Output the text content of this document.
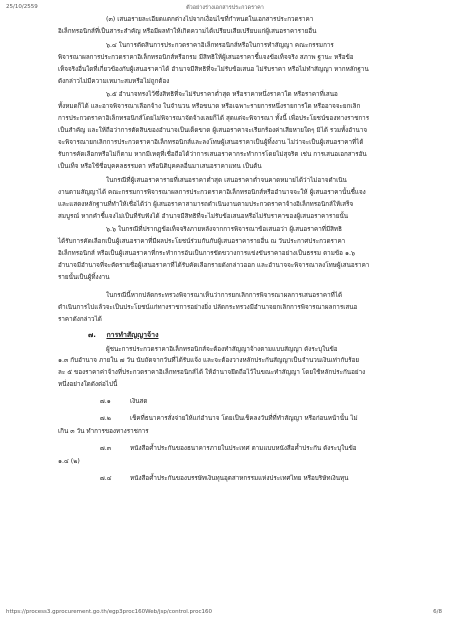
25/10/2559	ตัวอย่างร่างเอกสารประกวดราคา
(๓) เสนอรายละเอียดแตกต่างไปจากเงื่อนไขที่กำหนดในเอกสารประกวดราคา
อิเล็กทรอนิกส์ที่เป็นสาระสำคัญ หรือมีผลทำให้เกิดความได้เปรียบเสียเปรียบแก่ผู้เสนอราคารายอื่น
๖.๔ ในการตัดสินการประกวดราคาอิเล็กทรอนิกส์หรือในการทำสัญญา คณะกรรมการ
พิจารณาผลการประกวดราคาอิเล็กทรอนิกส์หรือกรม มีสิทธิให้ผู้เสนอราคาชี้แจงข้อเท็จจริง สภาพ ฐานะ หรือข้อ
เท็จจริงอื่นใดที่เกี่ยวข้องกับผู้เสนอราคาได้ อำนาจมีสิทธิที่จะไม่รับข้อเสนอ ไม่รับราคา หรือไม่ทำสัญญา หากหลักฐาน
ดังกล่าวไม่มีความเหมาะสมหรือไม่ถูกต้อง
๖.๕ อำนาจทรงไว้ซึ่งสิทธิที่จะไม่รับราคาต่ำสุด หรือราคาหนึ่งราคาใด หรือราคาที่เสนอ
ทั้งหมดก็ได้ และอาจพิจารณาเลือกจ้าง ในจำนวน หรือขนาด หรือเฉพาะรายการหนึ่งรายการใด หรืออาจจะยกเลิก
การประกวดราคาอิเล็กทรอนิกส์โดยไม่พิจารณาจัดจ้างเลยก็ได้ สุดแต่จะพิจารณา ทั้งนี้ เพื่อประโยชน์ของทางราชการ
เป็นสำคัญ และให้ถือว่าการตัดสินของอำนาจเป็นเด็ดขาด ผู้เสนอราคาจะเรียกร้องค่าเสียหายใดๆ มิได้ รวมทั้งอำนาจ
จะพิจารณายกเลิกการประกวดราคาอิเล็กทรอนิกส์และลงโทษผู้เสนอราคาเป็นผู้ทิ้งงาน ไม่ว่าจะเป็นผู้เสนอราคาที่ได้
รับการคัดเลือกหรือไม่ก็ตาม หากมีเหตุที่เชื่อถือได้ว่าการเสนอราคากระทำการโดยไม่สุจริต เช่น การเสนอเอกสารอัน
เป็นเท็จ หรือใช้ชื่อบุคคลธรรมดา หรือนิติบุคคลอื่นมาเสนอราคาแทน เป็นต้น
ในกรณีที่ผู้เสนอราคารายที่เสนอราคาต่ำสุด เสนอราคาต่ำจนคาดหมายได้ว่าไม่อาจดำเนิน
งานตามสัญญาได้ คณะกรรมการพิจารณาผลการประกวดราคาอิเล็กทรอนิกส์หรืออำนาจจะให้ ผู้เสนอราคานั้นชี้แจง
และแสดงหลักฐานที่ทำให้เชื่อได้ว่า ผู้เสนอราคาสามารถดำเนินงานตามประกวดราคาจ้างอิเล็กทรอนิกส์ให้เสร็จ
สมบูรณ์ หากคำชี้แจงไม่เป็นที่รับฟังได้ อำนาจมีสิทธิที่จะไม่รับข้อเสนอหรือไม่รับราคาของผู้เสนอราคารายนั้น
๖.๖ ในกรณีที่ปรากฏข้อเท็จจริงภายหลังจากการพิจารณาข้อเสนอว่า ผู้เสนอราคาที่มีสิทธิ
ได้รับการคัดเลือกเป็นผู้เสนอราคาที่มีผลประโยชน์ร่วมกันกับผู้เสนอราคารายอื่น ณ วันประกาศประกวดราคา
อิเล็กทรอนิกส์ หรือเป็นผู้เสนอราคาที่กระทำการอันเป็นการขัดขวางการแข่งขันราคาอย่างเป็นธรรม ตามข้อ ๑.๖
อำนาจมีอำนาจที่จะตัดรายชื่อผู้เสนอราคาที่ได้รับคัดเลือกรายดังกล่าวออก และอำนาจจะพิจารณาลงโทษผู้เสนอราคา
รายนั้นเป็นผู้ทิ้งงาน
ในกรณีนี้หากปลัดกระทรวงพิจารณาเห็นว่าการยกเลิกการพิจารณาผลการเสนอราคาที่ได้
ดำเนินการไปแล้วจะเป็นประโยชน์แก่ทางราชการอย่างยิ่ง ปลัดกระทรวงมีอำนาจยกเลิกการพิจารณาผลการเสนอ
ราคาดังกล่าวได้
๗. การทำสัญญาจ้าง
ผู้ชนะการประกวดราคาอิเล็กทรอนิกส์จะต้องทำสัญญาจ้างตามแบบสัญญา ดังระบุในข้อ
๑.๓ กับอำนาจ ภายใน ๗ วัน นับถัดจากวันที่ได้รับแจ้ง และจะต้องวางหลักประกันสัญญาเป็นจำนวนเงินเท่ากับร้อย
ละ ๕ ของราคาค่าจ้างที่ประกวดราคาอิเล็กทรอนิกส์ได้ ให้อำนาจยึดถือไว้ในขณะทำสัญญา โดยใช้หลักประกันอย่าง
หนึ่งอย่างใดดังต่อไปนี้
๗.๑	เงินสด
๗.๒	เช็คที่ธนาคารสั่งจ่ายให้แก่อำนาจ โดยเป็นเช็คลงวันที่ที่ทำสัญญา หรือก่อนหน้านั้น ไม่
เกิน ๓ วัน ทำการของทางราชการ
๗.๓	หนังสือค้ำประกันของธนาคารภายในประเทศ ตามแบบหนังสือค้ำประกัน ดังระบุในข้อ
๑.๔ (๒)
๗.๔	หนังสือค้ำประกันของบรรษัทเงินทุนอุตสาหกรรมแห่งประเทศไทย หรือบริษัทเงินทุน
https://process3.gprocurement.go.th/egp3proc160Web/jsp/control.proc160	6/8
